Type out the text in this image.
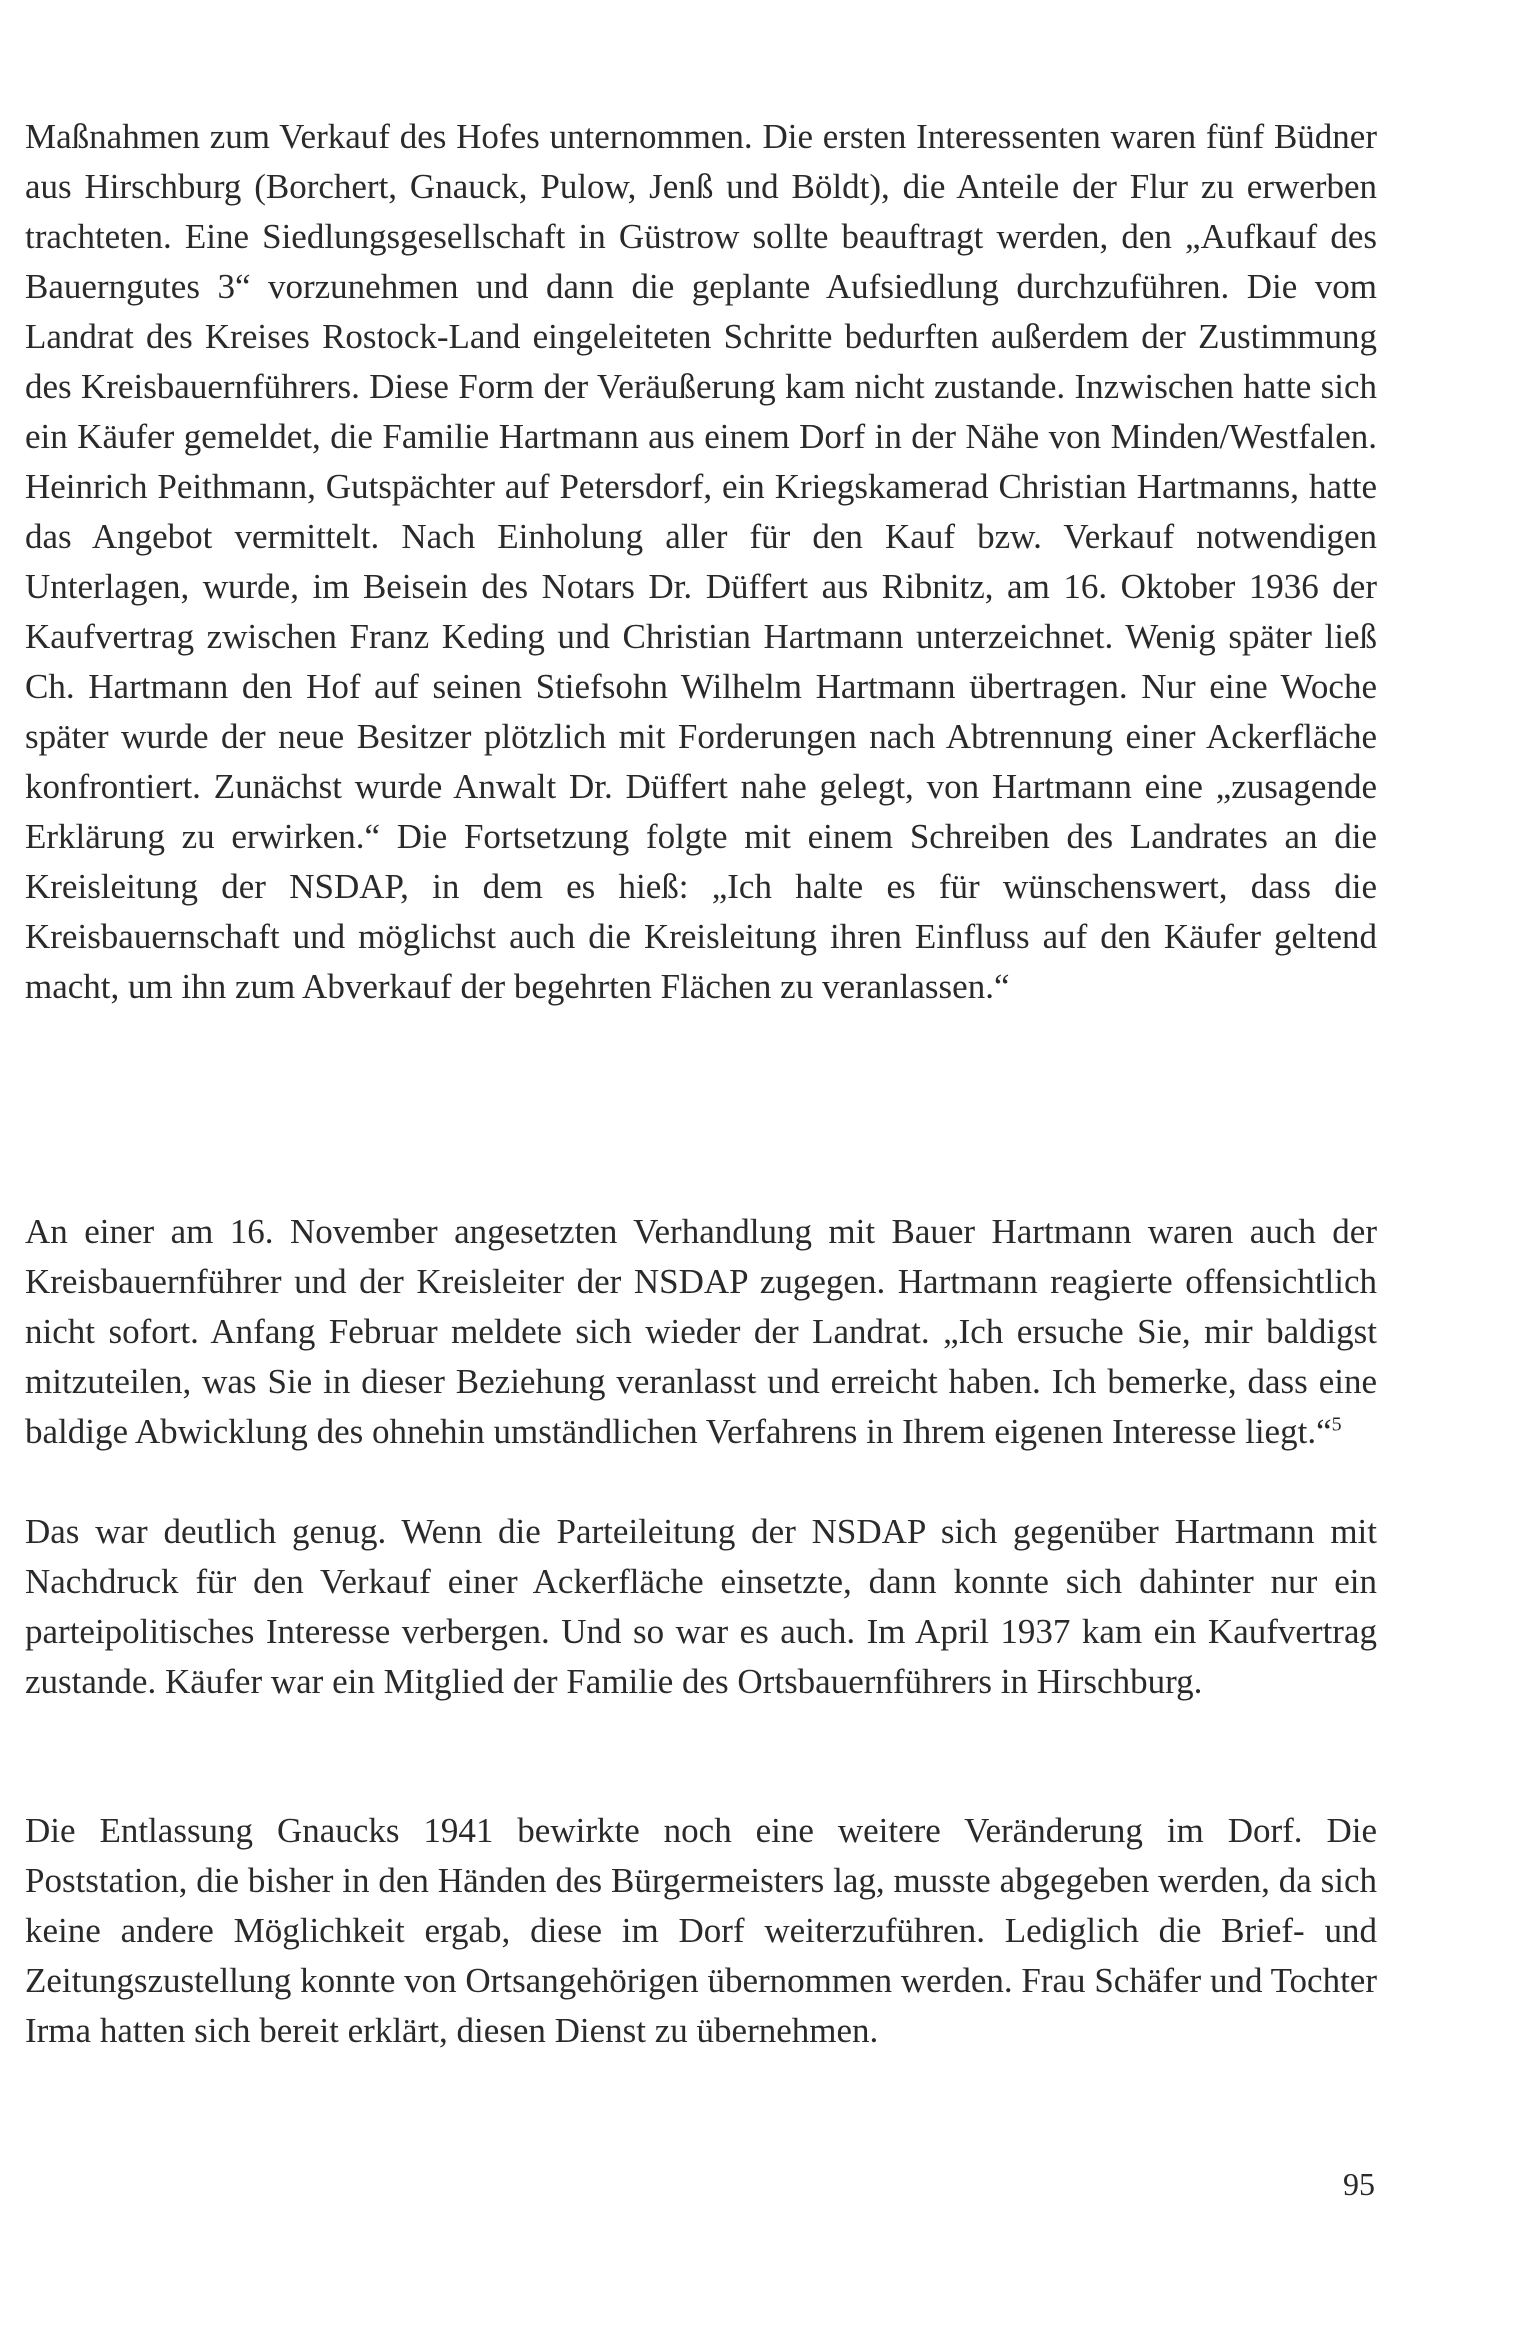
Maßnahmen zum Verkauf des Hofes unternommen. Die ersten Interessenten waren fünf Büdner aus Hirschburg (Borchert, Gnauck, Pulow, Jenß und Böldt), die Anteile der Flur zu erwerben trachteten. Eine Siedlungsgesellschaft in Güstrow sollte beauftragt werden, den „Aufkauf des Bauerngutes 3“ vorzunehmen und dann die geplante Aufsiedlung durchzuführen. Die vom Landrat des Kreises Rostock-Land eingeleiteten Schritte bedurften außerdem der Zustimmung des Kreisbauernführers. Diese Form der Veräußerung kam nicht zustande. Inzwischen hatte sich ein Käufer gemeldet, die Familie Hartmann aus einem Dorf in der Nähe von Minden/Westfalen. Heinrich Peithmann, Gutspächter auf Petersdorf, ein Kriegskamerad Christian Hartmanns, hatte das Angebot vermittelt. Nach Einholung aller für den Kauf bzw. Verkauf notwendigen Unterlagen, wurde, im Beisein des Notars Dr. Düffert aus Ribnitz, am 16. Oktober 1936 der Kaufvertrag zwischen Franz Keding und Christian Hartmann unterzeichnet. Wenig später ließ Ch. Hartmann den Hof auf seinen Stiefsohn Wilhelm Hartmann übertragen. Nur eine Woche später wurde der neue Besitzer plötzlich mit Forderungen nach Abtrennung einer Ackerfläche konfrontiert. Zunächst wurde Anwalt Dr. Düffert nahe gelegt, von Hartmann eine „zusagende Erklärung zu erwirken.“ Die Fortsetzung folgte mit einem Schreiben des Landrates an die Kreisleitung der NSDAP, in dem es hieß: „Ich halte es für wünschenswert, dass die Kreisbauernschaft und möglichst auch die Kreisleitung ihren Einfluss auf den Käufer geltend macht, um ihn zum Abverkauf der begehrten Flächen zu veranlassen.“

An einer am 16. November angesetzten Verhandlung mit Bauer Hartmann waren auch der Kreisbauernführer und der Kreisleiter der NSDAP zugegen. Hartmann reagierte offensichtlich nicht sofort. Anfang Februar meldete sich wieder der Landrat. „Ich ersuche Sie, mir baldigst mitzuteilen, was Sie in dieser Beziehung veranlasst und erreicht haben. Ich bemerke, dass eine baldige Abwicklung des ohnehin umständlichen Verfahrens in Ihrem eigenen Interesse liegt.“$^5$

Das war deutlich genug. Wenn die Parteileitung der NSDAP sich gegenüber Hartmann mit Nachdruck für den Verkauf einer Ackerfläche einsetzte, dann konnte sich dahinter nur ein parteipolitisches Interesse verbergen. Und so war es auch. Im April 1937 kam ein Kaufvertrag zustande. Käufer war ein Mitglied der Familie des Ortsbauernführers in Hirschburg.

Die Entlassung Gnaucks 1941 bewirkte noch eine weitere Veränderung im Dorf. Die Poststation, die bisher in den Händen des Bürgermeisters lag, musste abgegeben werden, da sich keine andere Möglichkeit ergab, diese im Dorf weiterzuführen. Lediglich die Brief- und Zeitungszustellung konnte von Ortsangehörigen übernommen werden. Frau Schäfer und Tochter Irma hatten sich bereit erklärt, diesen Dienst zu übernehmen.

95
